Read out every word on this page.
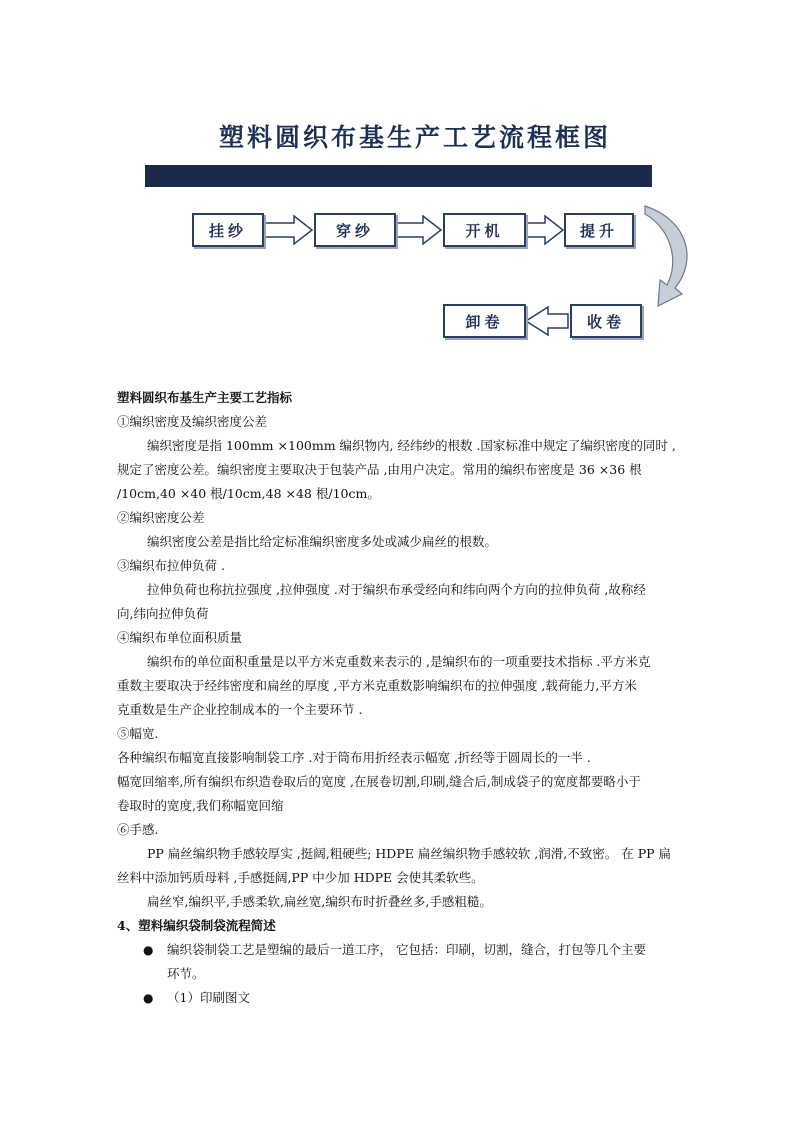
塑料圆织布基生产工艺流程框图
挂纱	穿纱	开机	提升
收卷
卸卷
塑料圆织布基生产主要工艺指标
①编织密度及编织密度公差
编织密度是指 100mm ×100mm 编织物内, 经纬纱的根数 .国家标准中规定了编织密度的同时 ,
规定了密度公差。编织密度主要取决于包装产品 ,由用户决定。常用的编织布密度是 36 ×36 根
/10cm,40 ×40 根/10cm,48 ×48 根/10cm。
②编织密度公差
编织密度公差是指比给定标准编织密度多处或减少扁丝的根数。
③编织布拉伸负荷 .
拉伸负荷也称抗拉强度 ,拉伸强度 .对于编织布承受经向和纬向两个方向的拉伸负荷 ,故称经
向,纬向拉伸负荷
④编织布单位面积质量
编织布的单位面积重量是以平方米克重数来表示的 ,是编织布的一项重要技术指标 .平方米克
重数主要取决于经纬密度和扁丝的厚度 ,平方米克重数影响编织布的拉伸强度 ,载荷能力,平方米
克重数是生产企业控制成本的一个主要环节 .
⑤幅宽.
各种编织布幅宽直接影响制袋工序 .对于筒布用折经表示幅宽 ,折经等于圆周长的一半 .
幅宽回缩率,所有编织布织造卷取后的宽度 ,在展卷切割,印刷,缝合后,制成袋子的宽度都要略小于
卷取时的宽度,我们称幅宽回缩
⑥手感.
PP 扁丝编织物手感较厚实 ,挺阔,粗硬些; HDPE 扁丝编织物手感较软 ,润滑,不致密。 在 PP 扁
丝料中添加钙质母料 ,手感挺阔,PP 中少加 HDPE 会使其柔软些。
扁丝窄,编织平,手感柔软,扁丝宽,编织布时折叠丝多,手感粗糙。
4、塑料编织袋制袋流程简述
● 编织袋制袋工艺是塑编的最后一道工序， 它包括：印刷，切割，缝合，打包等几个主要
环节。
● （1）印刷图文
